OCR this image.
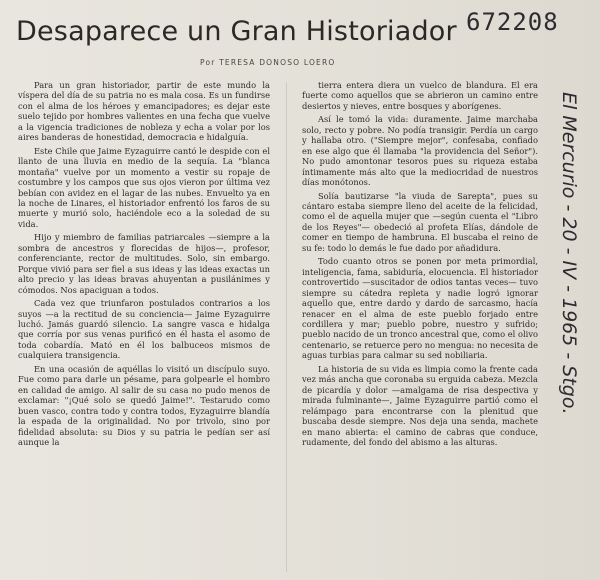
672208
Desaparece un Gran Historiador
Por TERESA DONOSO LOERO
El Mercurio - 20 - IV - 1965 - Stgo.

Para un gran historiador, partir de este mundo la víspera del día de su patria no es mala cosa. Es un fundirse con el alma de los héroes y emancipadores; es dejar este suelo tejido por hombres valientes en una fecha que vuelve a la vigencia tradiciones de nobleza y echa a volar por los aires banderas de honestidad, democracia e hidalguía.

Este Chile que Jaime Eyzaguirre cantó le despide con el llanto de una lluvia en medio de la sequía. La "blanca montaña" vuelve por un momento a vestir su ropaje de costumbre y los campos que sus ojos vieron por última vez bebían con avidez en el lagar de las nubes. Envuelto ya en la noche de Linares, el historiador enfrentó los faros de su muerte y murió solo, haciéndole eco a la soledad de su vida.

Hijo y miembro de familias patriarcales —siempre a la sombra de ancestros y florecidas de hijos—, profesor, conferenciante, rector de multitudes. Solo, sin embargo. Porque vivió para ser fiel a sus ideas y las ideas exactas un alto precio y las ideas bravas ahuyentan a pusilánimes y cómodos. Nos apaciguan a todos.

Cada vez que triunfaron postulados contrarios a los suyos —a la rectitud de su conciencia— Jaime Eyzaguirre luchó. Jamás guardó silencio. La sangre vasca e hidalga que corría por sus venas purificó en él hasta el asomo de toda cobardía. Mató en él los balbuceos mismos de cualquiera transigencia.

En una ocasión de aquéllas lo visitó un discípulo suyo. Fue como para darle un pésame, para golpearle el hombro en calidad de amigo. Al salir de su casa no pudo menos de exclamar: "¡Qué solo se quedó Jaime!". Testarudo como buen vasco, contra todo y contra todos, Eyzaguirre blandía la espada de la originalidad. No por trivolo, sino por fidelidad absoluta: su Dios y su patria le pedían ser así aunque la

tierra entera diera un vuelco de blandura. El era fuerte como aquellos que se abrieron un camino entre desiertos y nieves, entre bosques y aborígenes.

Así le tomó la vida: duramente. Jaime marchaba solo, recto y pobre. No podía transigir. Perdía un cargo y hallaba otro. ("Siempre mejor", confesaba, confiado en ese algo que él llamaba "la providencia del Señor"). No pudo amontonar tesoros pues su riqueza estaba íntimamente más alto que la mediocridad de nuestros días monótonos.

Solía bautizarse "la viuda de Sarepta", pues su cántaro estaba siempre lleno del aceite de la felicidad, como el de aquella mujer que —según cuenta el "Libro de los Reyes"— obedeció al profeta Elías, dándole de comer en tiempo de hambruna. El buscaba el reino de su fe: todo lo demás le fue dado por añadidura.

Todo cuanto otros se ponen por meta primordial, inteligencia, fama, sabiduría, elocuencia. El historiador controvertido —suscitador de odios tantas veces— tuvo siempre su cátedra repleta y nadie logró ignorar aquello que, entre dardo y dardo de sarcasmo, hacía renacer en el alma de este pueblo forjado entre cordillera y mar; pueblo pobre, nuestro y sufrido; pueblo nacido de un tronco ancestral que, como el olivo centenario, se retuerce pero no mengua: no necesita de aguas turbias para calmar su sed nobiliaria.

La historia de su vida es limpia como la frente cada vez más ancha que coronaba su erguida cabeza. Mezcla de picardía y dolor —amalgama de risa despectiva y mirada fulminante—, Jaime Eyzaguirre partió como el relámpago para encontrarse con la plenitud que buscaba desde siempre. Nos deja una senda, machete en mano abierta: el camino de cabras que conduce, rudamente, del fondo del abismo a las alturas.
